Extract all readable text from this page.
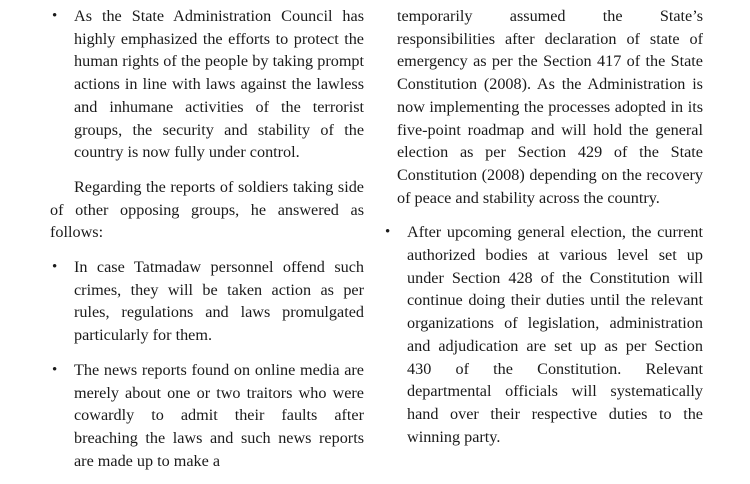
• As the State Administration Council has highly emphasized the efforts to protect the human rights of the people by taking prompt actions in line with laws against the lawless and inhumane activities of the terrorist groups, the security and stability of the country is now fully under control.

Regarding the reports of soldiers taking side of other opposing groups, he answered as follows:

• In case Tatmadaw personnel offend such crimes, they will be taken action as per rules, regulations and laws promulgated particularly for them.
• The news reports found on online media are merely about one or two traitors who were cowardly to admit their faults after breaching the laws and such news reports are made up to make a

temporarily assumed the State’s responsibilities after declaration of state of emergency as per the Section 417 of the State Constitution (2008). As the Administration is now implementing the processes adopted in its five-point roadmap and will hold the general election as per Section 429 of the State Constitution (2008) depending on the recovery of peace and stability across the country.

• After upcoming general election, the current authorized bodies at various level set up under Section 428 of the Constitution will continue doing their duties until the relevant organizations of legislation, administration and adjudication are set up as per Section 430 of the Constitution. Relevant departmental officials will systematically hand over their respective duties to the winning party.
